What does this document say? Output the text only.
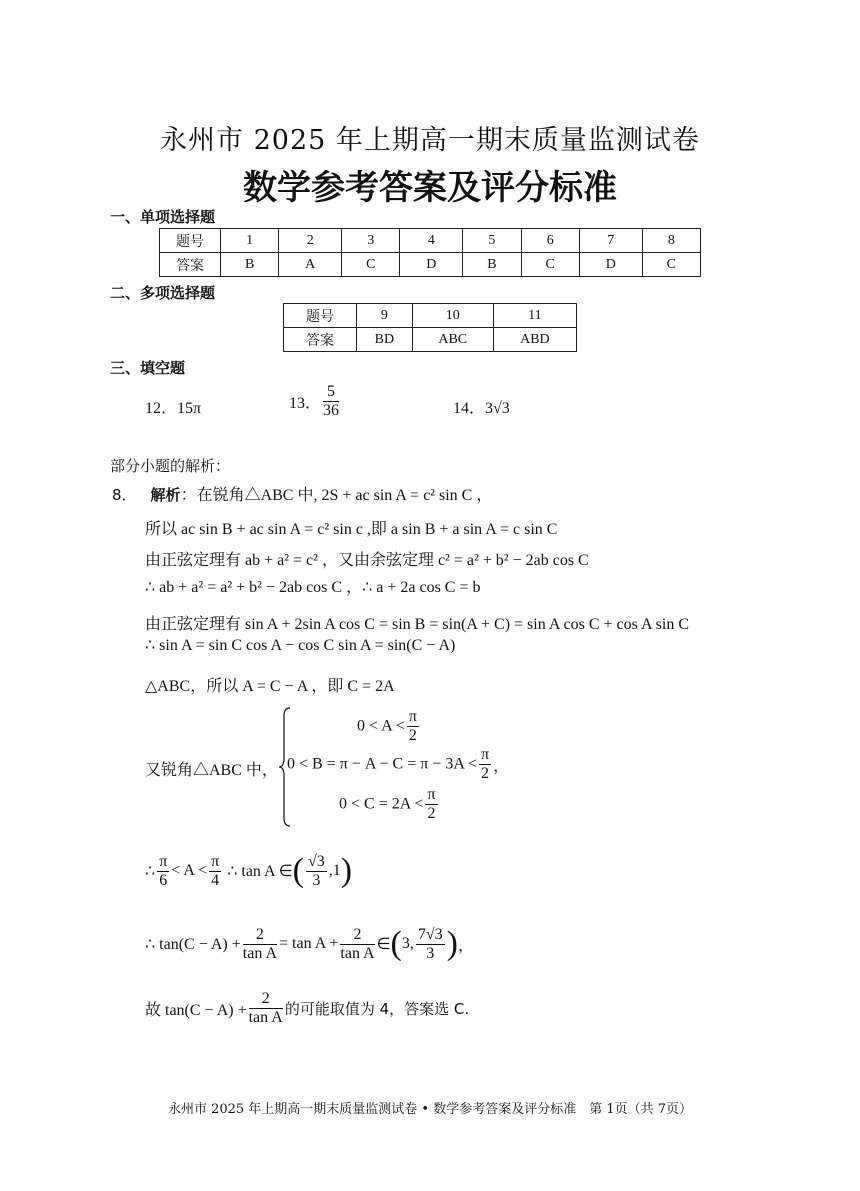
永州市 2025 年上期高一期末质量监测试卷
数学参考答案及评分标准
一、单项选择题
题号	1	2	3	4	5	6	7	8
答案	B	A	C	D	B	C	D	C
二、多项选择题
题号	9	10	11
答案	BD	ABC	ABD
三、填空题
12．15π	13． $\frac{5}{36}$	14．3√3
部分小题的解析：
8． 解析：在锐角△ABC 中, 2S + ac sin A = c² sin C ，
所以 ac sin B + ac sin A = c² sin c ,即 a sin B + a sin A = c sin C
由正弦定理有 ab + a² = c² ，又由余弦定理 c² = a² + b² − 2ab cos C
∴ ab + a² = a² + b² − 2ab cos C ，∴ a + 2a cos C = b
由正弦定理有 sin A + 2sin A cos C = sin B = sin(A + C) = sin A cos C + cos A sin C
∴ sin A = sin C cos A − cos C sin A = sin(C − A)
△ABC，所以 A = C − A ，即 C = 2A
又锐角△ABC 中，
$0 < A < \frac{\pi}{2}$
$0 < B = \pi - A - C = \pi - 3A < \frac{\pi}{2}$ ，
$0 < C = 2A < \frac{\pi}{2}$
∴ $\frac{\pi}{6} < A < \frac{\pi}{4}$ ∴ tan A ∈( $\frac{√3}{3} ,1$)
∴ $\tan(C - A) + \frac{2}{\text{tan A}} = \tan A + \frac{2}{\text{tan A}}$ ∈(3, $\frac{7√3}{3}$ )，
故 $\tan(C - A) + \frac{2}{\text{tan A}}$ 的可能取值为 4，答案选 C.
永州市 2025 年上期高一期末质量监测试卷 • 数学参考答案及评分标准　第 1页（共 7页）
